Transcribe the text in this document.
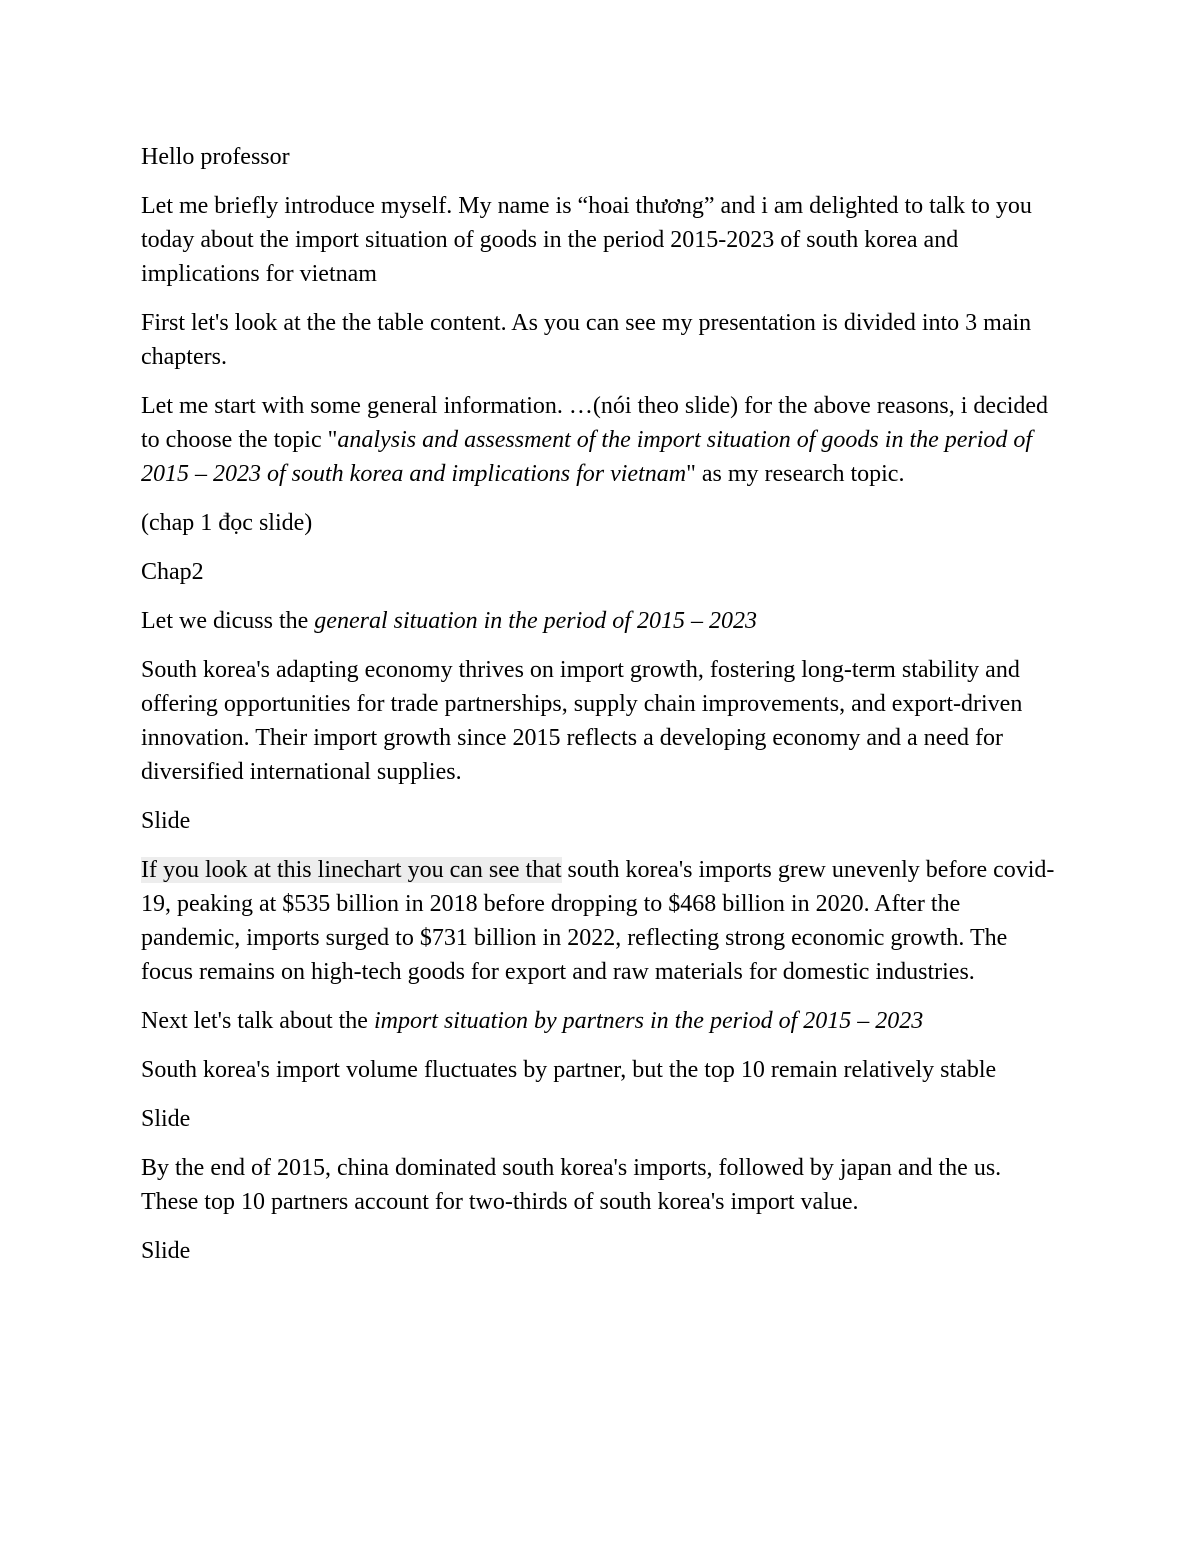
Hello professor

Let me briefly introduce myself. My name is “hoai thương” and i am delighted to talk to you today about the import situation of goods in the period 2015-2023 of south korea and implications for vietnam

First let's look at the the table content. As you can see my presentation is divided into 3 main chapters.

Let me start with some general information. …(nói theo slide) for the above reasons, i decided to choose the topic "analysis and assessment of the import situation of goods in the period of 2015 – 2023 of south korea and implications for vietnam" as my research topic.

(chap 1 đọc slide)

Chap2

Let we dicuss the general situation in the period of 2015 – 2023

South korea's adapting economy thrives on import growth, fostering long-term stability and offering opportunities for trade partnerships, supply chain improvements, and export-driven innovation. Their import growth since 2015 reflects a developing economy and a need for diversified international supplies.

Slide

If you look at this linechart you can see that south korea's imports grew unevenly before covid-19, peaking at $535 billion in 2018 before dropping to $468 billion in 2020. After the pandemic, imports surged to $731 billion in 2022, reflecting strong economic growth. The focus remains on high-tech goods for export and raw materials for domestic industries.

Next let's talk about the import situation by partners in the period of 2015 – 2023

South korea's import volume fluctuates by partner, but the top 10 remain relatively stable

Slide

By the end of 2015, china dominated south korea's imports, followed by japan and the us. These top 10 partners account for two-thirds of south korea's import value.

Slide
